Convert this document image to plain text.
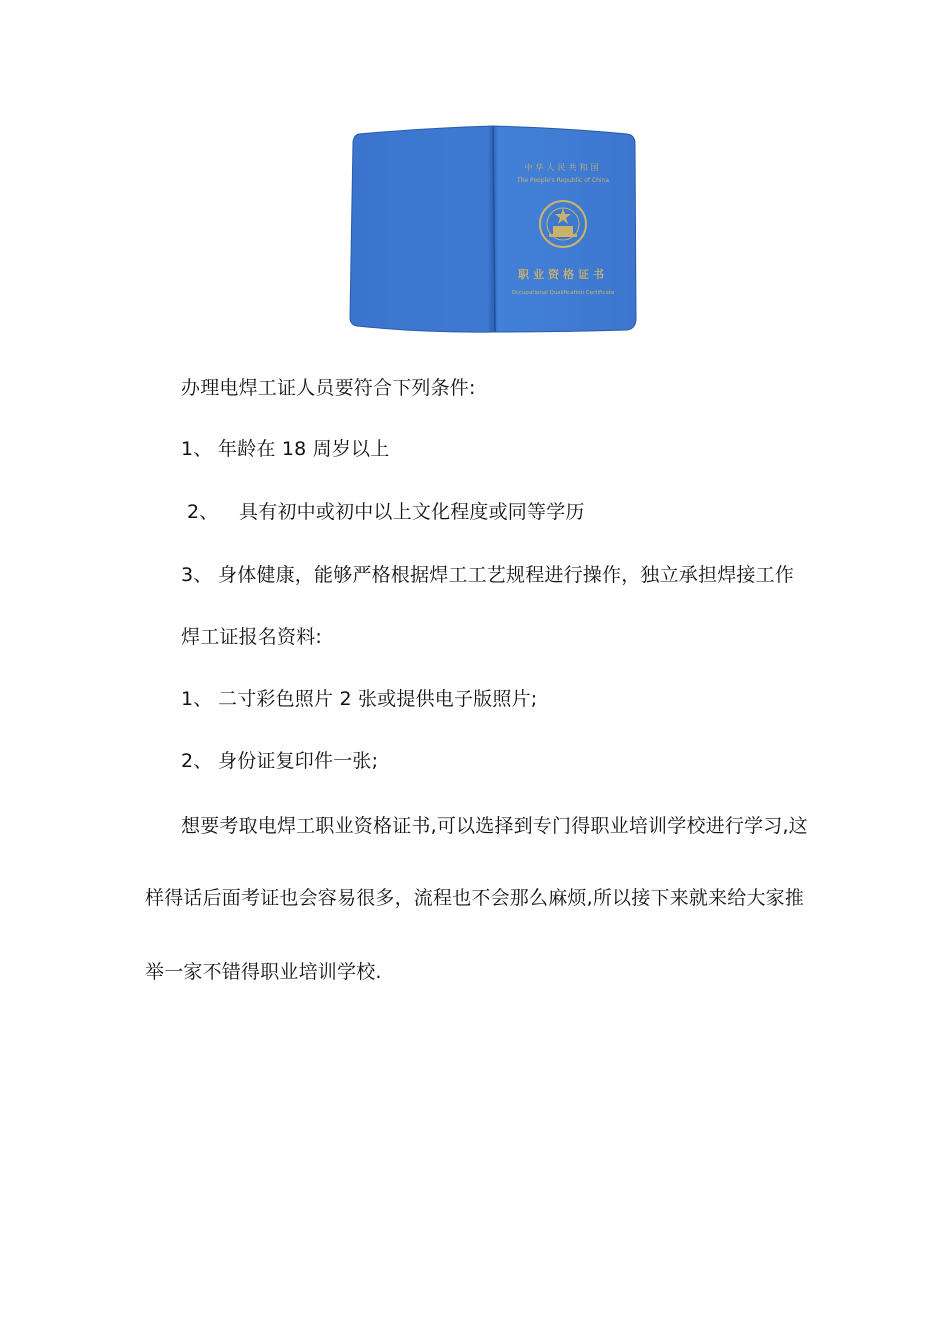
中华人民共和国
The People's Republic of China
职业资格证书
Occupational Qualification Certificate
办理电焊工证人员要符合下列条件:
1、 年龄在 18 周岁以上
2、 具有初中或初中以上文化程度或同等学历
3、 身体健康，能够严格根据焊工工艺规程进行操作，独立承担焊接工作
焊工证报名资料:
1、 二寸彩色照片 2 张或提供电子版照片;
2、 身份证复印件一张;
想要考取电焊工职业资格证书,可以选择到专门得职业培训学校进行学习,这
样得话后面考证也会容易很多，流程也不会那么麻烦,所以接下来就来给大家推
举一家不错得职业培训学校.
